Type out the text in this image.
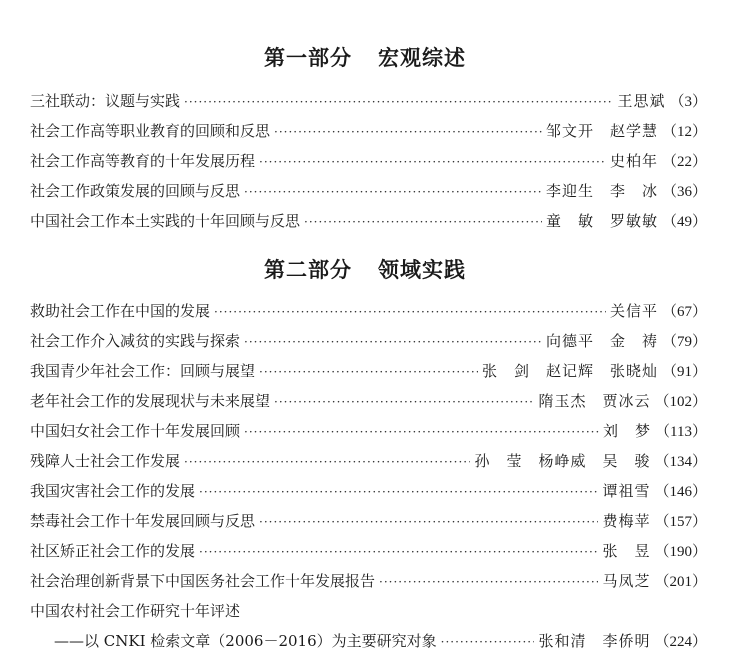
第一部分 宏观综述
三社联动：议题与实践 ·····	王思斌 （3）
社会工作高等职业教育的回顾和反思 ·····	邹文开　赵学慧 （12）
社会工作高等教育的十年发展历程 ·····	史柏年 （22）
社会工作政策发展的回顾与反思 ·····	李迎生　李　冰 （36）
中国社会工作本土实践的十年回顾与反思 ·····	童　敏　罗敏敏 （49）
第二部分 领域实践
救助社会工作在中国的发展 ·····	关信平 （67）
社会工作介入减贫的实践与探索 ·····	向德平　金　祷 （79）
我国青少年社会工作：回顾与展望 ·····	张　剑　赵记辉　张晓灿 （91）
老年社会工作的发展现状与未来展望 ·····	隋玉杰　贾冰云 （102）
中国妇女社会工作十年发展回顾 ·····	刘　梦 （113）
残障人士社会工作发展 ·····	孙　莹　杨峥威　吴　骏 （134）
我国灾害社会工作的发展 ·····	谭祖雪 （146）
禁毒社会工作十年发展回顾与反思 ·····	费梅苹 （157）
社区矫正社会工作的发展 ·····	张　昱 （190）
社会治理创新背景下中国医务社会工作十年发展报告 ·····	马凤芝 （201）
中国农村社会工作研究十年评述
——以 CNKI 检索文章（2006－2016）为主要研究对象 ·····	张和清　李侨明 （224）
